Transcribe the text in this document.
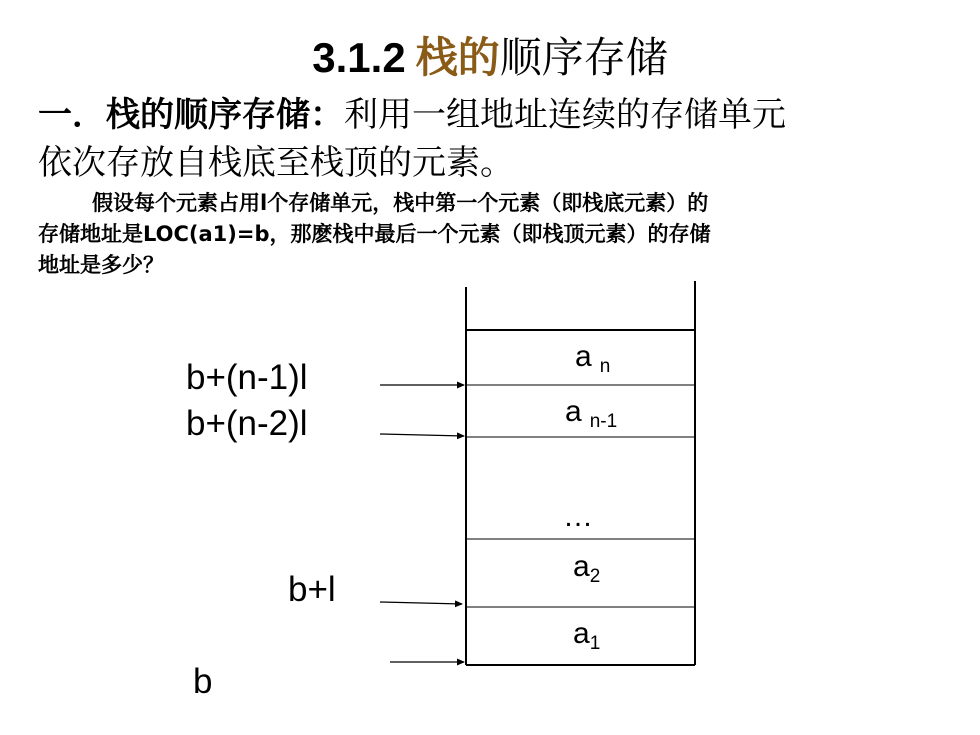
3.1.2 栈的顺序存储
一．栈的顺序存储：利用一组地址连续的存储单元
依次存放自栈底至栈顶的元素。
假设每个元素占用l个存储单元，栈中第一个元素（即栈底元素）的
存储地址是LOC(a1)=b，那麽栈中最后一个元素（即栈顶元素）的存储
地址是多少？
b+(n-1)l
b+(n-2)l
b+l
b
a $_n$
a $_{n-1}$
…
$a_2$
$a_1$
